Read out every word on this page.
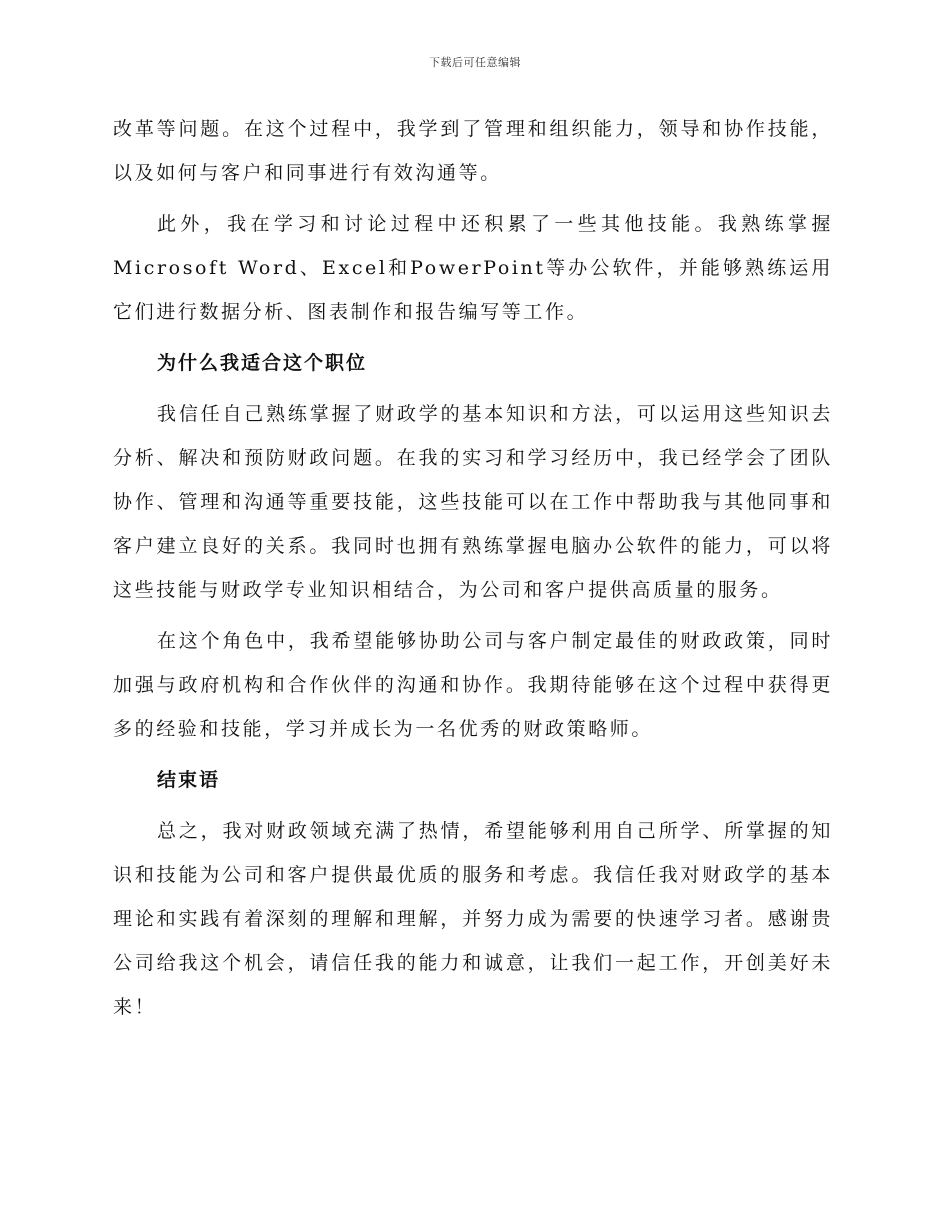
下载后可任意编辑

改革等问题。在这个过程中，我学到了管理和组织能力，领导和协作技能，以及如何与客户和同事进行有效沟通等。

此外，我在学习和讨论过程中还积累了一些其他技能。我熟练掌握Microsoft Word、Excel和PowerPoint等办公软件，并能够熟练运用它们进行数据分析、图表制作和报告编写等工作。

为什么我适合这个职位

我信任自己熟练掌握了财政学的基本知识和方法，可以运用这些知识去分析、解决和预防财政问题。在我的实习和学习经历中，我已经学会了团队协作、管理和沟通等重要技能，这些技能可以在工作中帮助我与其他同事和客户建立良好的关系。我同时也拥有熟练掌握电脑办公软件的能力，可以将这些技能与财政学专业知识相结合，为公司和客户提供高质量的服务。

在这个角色中，我希望能够协助公司与客户制定最佳的财政政策，同时加强与政府机构和合作伙伴的沟通和协作。我期待能够在这个过程中获得更多的经验和技能，学习并成长为一名优秀的财政策略师。

结束语

总之，我对财政领域充满了热情，希望能够利用自己所学、所掌握的知识和技能为公司和客户提供最优质的服务和考虑。我信任我对财政学的基本理论和实践有着深刻的理解和理解，并努力成为需要的快速学习者。感谢贵公司给我这个机会，请信任我的能力和诚意，让我们一起工作，开创美好未来！
